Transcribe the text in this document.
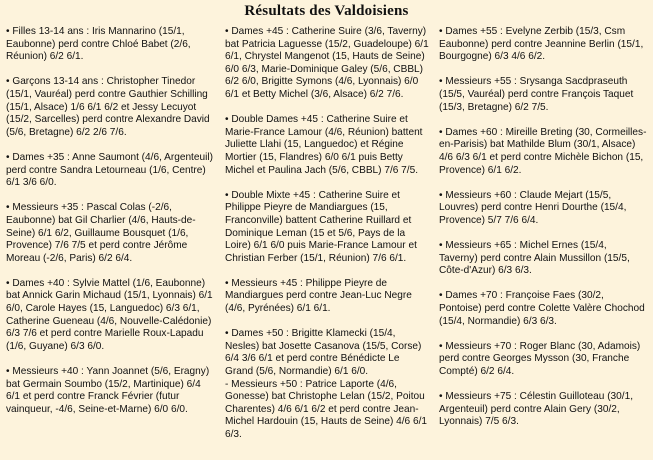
Résultats des Valdoisiens

• Filles 13-14 ans : Iris Mannarino (15/1, Eaubonne) perd contre Chloé Babet (2/6, Réunion) 6/2 6/1.

• Garçons 13-14 ans : Christopher Tinedor (15/1, Vauréal) perd contre Gauthier Schilling (15/1, Alsace) 1/6 6/1 6/2 et Jessy Lecuyot (15/2, Sarcelles) perd contre Alexandre David (5/6, Bretagne) 6/2 2/6 7/6.

• Dames +35 : Anne Saumont (4/6, Argenteuil) perd contre Sandra Letourneau (1/6, Centre) 6/1 3/6 6/0.

• Messieurs +35 : Pascal Colas (-2/6, Eaubonne) bat Gil Charlier (4/6, Hauts-de-Seine) 6/1 6/2, Guillaume Bousquet (1/6, Provence) 7/6 7/5 et perd contre Jérôme Moreau (-2/6, Paris) 6/2 6/4.

• Dames +40 : Sylvie Mattel (1/6, Eaubonne) bat Annick Garin Michaud (15/1, Lyonnais) 6/1 6/0, Carole Hayes (15, Languedoc) 6/3 6/1, Catherine Gueneau (4/6, Nouvelle-Calédonie) 6/3 7/6 et perd contre Marielle Roux-Lapadu (1/6, Guyane) 6/3 6/0.

• Messieurs +40 : Yann Joannet (5/6, Eragny) bat Germain Soumbo (15/2, Martinique) 6/4 6/1 et perd contre Franck Février (futur vainqueur, -4/6, Seine-et-Marne) 6/0 6/0.

• Dames +45 : Catherine Suire (3/6, Taverny) bat Patricia Laguesse (15/2, Guadeloupe) 6/1 6/1, Chrystel Mangenot (15, Hauts de Seine) 6/0 6/3, Marie-Dominique Galey (5/6, CBBL) 6/2 6/0, Brigitte Symons (4/6, Lyonnais) 6/0 6/1 et Betty Michel (3/6, Alsace) 6/2 7/6.

• Double Dames +45 : Catherine Suire et Marie-France Lamour (4/6, Réunion) battent Juliette Llahi (15, Languedoc) et Régine Mortier (15, Flandres) 6/0 6/1 puis Betty Michel et Paulina Jach (5/6, CBBL) 7/6 7/5.

• Double Mixte +45 : Catherine Suire et Philippe Pieyre de Mandiargues (15, Franconville) battent Catherine Ruillard et Dominique Leman (15 et 5/6, Pays de la Loire) 6/1 6/0 puis Marie-France Lamour et Christian Ferber (15/1, Réunion) 7/6 6/1.

• Messieurs +45 : Philippe Pieyre de Mandiargues perd contre Jean-Luc Negre (4/6, Pyrénées) 6/1 6/1.

• Dames +50 : Brigitte Klamecki (15/4, Nesles) bat Josette Casanova (15/5, Corse) 6/4 3/6 6/1 et perd contre Bénédicte Le Grand (5/6, Normandie) 6/1 6/0.

- Messieurs +50 : Patrice Laporte (4/6, Gonesse) bat Christophe Lelan (15/2, Poitou Charentes) 4/6 6/1 6/2 et perd contre Jean-Michel Hardouin (15, Hauts de Seine) 4/6 6/1 6/3.

• Dames +55 : Evelyne Zerbib (15/3, Csm Eaubonne) perd contre Jeannine Berlin (15/1, Bourgogne) 6/3 4/6 6/2.

• Messieurs +55 : Srysanga Sacdpraseuth (15/5, Vauréal) perd contre François Taquet (15/3, Bretagne) 6/2 7/5.

• Dames +60 : Mireille Breting (30, Cormeilles-en-Parisis) bat Mathilde Blum (30/1, Alsace) 4/6 6/3 6/1 et perd contre Michèle Bichon (15, Provence) 6/1 6/2.

• Messieurs +60 : Claude Mejart (15/5, Louvres) perd contre Henri Dourthe (15/4, Provence) 5/7 7/6 6/4.

• Messieurs +65 : Michel Ernes (15/4, Taverny) perd contre Alain Mussillon (15/5, Côte-d'Azur) 6/3 6/3.

• Dames +70 : Françoise Faes (30/2, Pontoise) perd contre Colette Valère Chochod (15/4, Normandie) 6/3 6/3.

• Messieurs +70 : Roger Blanc (30, Adamois) perd contre Georges Mysson (30, Franche Compté) 6/2 6/4.

• Messieurs +75 : Célestin Guilloteau (30/1, Argenteuil) perd contre Alain Gery (30/2, Lyonnais) 7/5 6/3.
